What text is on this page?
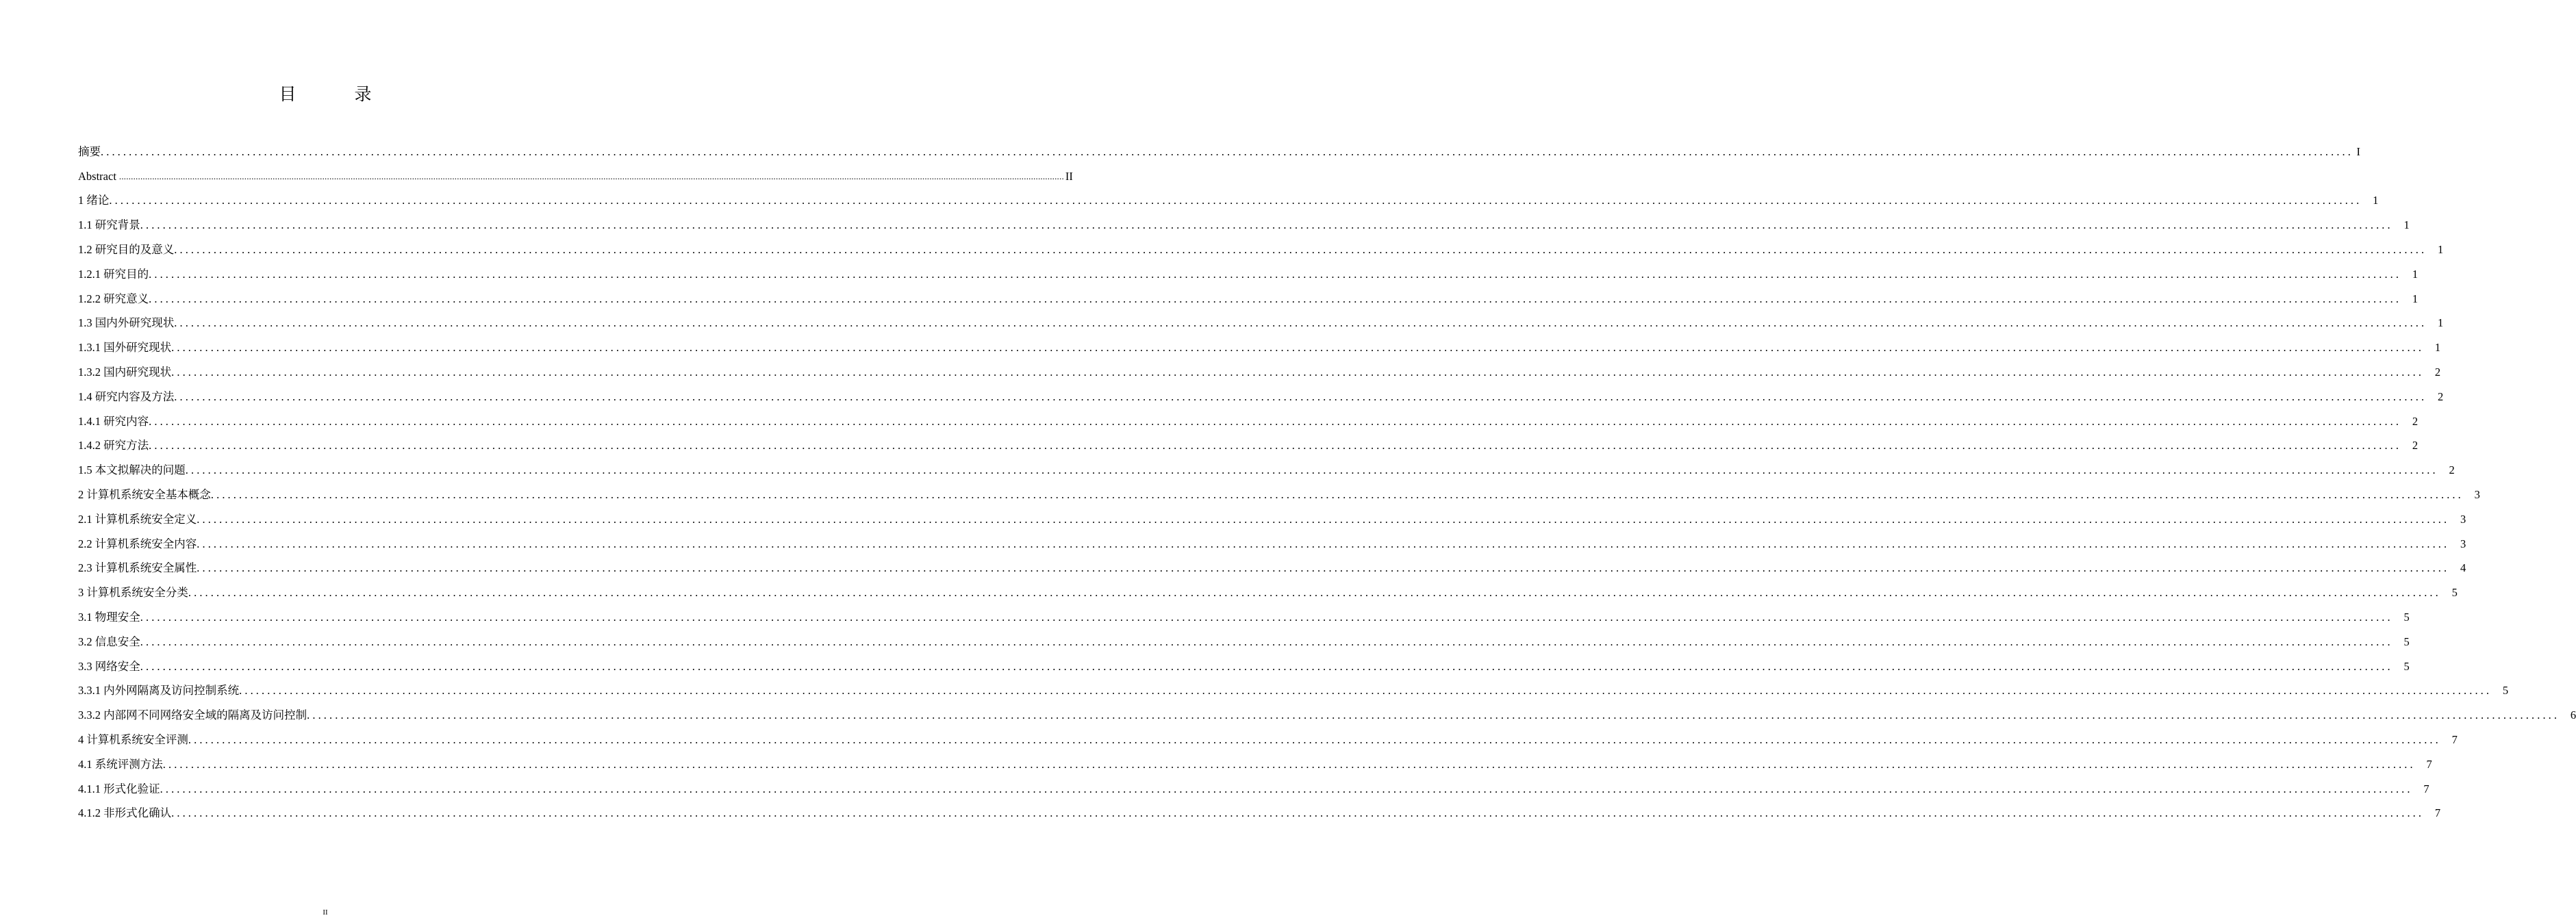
目　录
摘要 ................................................................................................................................................................................................................................................................................................................................................................................................................ I
Abstract ................................................................................................................................................................................................................................................................................................................................................................................................................ II
1 绪论 ................................................................................................................................................................................................................................................................................................................................................................................................................ 1
1.1 研究背景 ................................................................................................................................................................................................................................................................................................................................................................................................................ 1
1.2 研究目的及意义 ................................................................................................................................................................................................................................................................................................................................................................................................................ 1
1.2.1 研究目的 ................................................................................................................................................................................................................................................................................................................................................................................................................ 1
1.2.2 研究意义 ................................................................................................................................................................................................................................................................................................................................................................................................................ 1
1.3 国内外研究现状 ................................................................................................................................................................................................................................................................................................................................................................................................................ 1
1.3.1 国外研究现状 ................................................................................................................................................................................................................................................................................................................................................................................................................ 1
1.3.2 国内研究现状 ................................................................................................................................................................................................................................................................................................................................................................................................................ 2
1.4 研究内容及方法 ................................................................................................................................................................................................................................................................................................................................................................................................................ 2
1.4.1 研究内容 ................................................................................................................................................................................................................................................................................................................................................................................................................ 2
1.4.2 研究方法 ................................................................................................................................................................................................................................................................................................................................................................................................................ 2
1.5 本文拟解决的问题 ................................................................................................................................................................................................................................................................................................................................................................................................................ 2
2 计算机系统安全基本概念 ................................................................................................................................................................................................................................................................................................................................................................................................................ 3
2.1 计算机系统安全定义 ................................................................................................................................................................................................................................................................................................................................................................................................................ 3
2.2 计算机系统安全内容 ................................................................................................................................................................................................................................................................................................................................................................................................................ 3
2.3 计算机系统安全属性 ................................................................................................................................................................................................................................................................................................................................................................................................................ 4
3 计算机系统安全分类 ................................................................................................................................................................................................................................................................................................................................................................................................................ 5
3.1 物理安全 ................................................................................................................................................................................................................................................................................................................................................................................................................ 5
3.2 信息安全 ................................................................................................................................................................................................................................................................................................................................................................................................................ 5
3.3 网络安全 ................................................................................................................................................................................................................................................................................................................................................................................................................ 5
3.3.1 内外网隔离及访问控制系统 ................................................................................................................................................................................................................................................................................................................................................................................................................ 5
3.3.2 内部网不同网络安全域的隔离及访问控制 ................................................................................................................................................................................................................................................................................................................................................................................................................ 6
4 计算机系统安全评测 ................................................................................................................................................................................................................................................................................................................................................................................................................ 7
4.1 系统评测方法 ................................................................................................................................................................................................................................................................................................................................................................................................................ 7
4.1.1 形式化验证 ................................................................................................................................................................................................................................................................................................................................................................................................................ 7
4.1.2 非形式化确认 ................................................................................................................................................................................................................................................................................................................................................................................................................ 7
II
